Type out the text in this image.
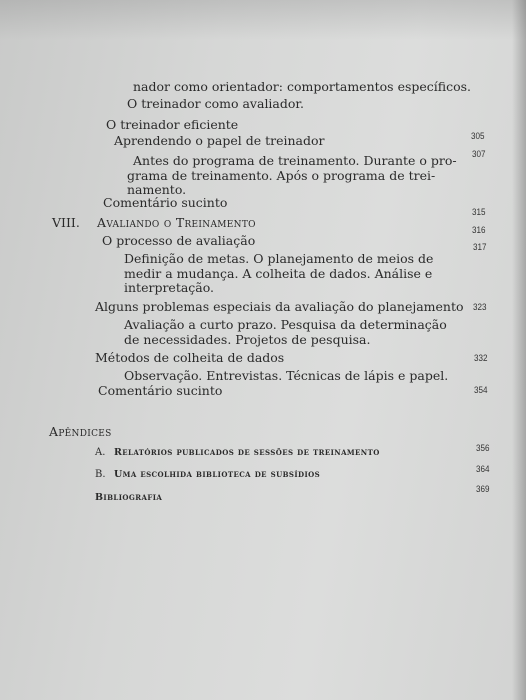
nador como orientador: comportamentos específicos.
O treinador como avaliador.
O treinador eficiente
Aprendendo o papel de treinador
Antes do programa de treinamento. Durante o pro-
grama de treinamento. Após o programa de trei-
namento.
Comentário sucinto
VIII. Avaliando o Treinamento
O processo de avaliação
Definição de metas. O planejamento de meios de
medir a mudança. A colheita de dados. Análise e
interpretação.
Alguns problemas especiais da avaliação do planejamento
Avaliação a curto prazo. Pesquisa da determinação
de necessidades. Projetos de pesquisa.
Métodos de colheita de dados
Observação. Entrevistas. Técnicas de lápis e papel.
Comentário sucinto
Apêndices
A. Relatórios publicados de sessões de treinamento
B. Uma escolhida biblioteca de subsídios
Bibliografia
305
307
315
316
317
323
332
354
356
364
369
